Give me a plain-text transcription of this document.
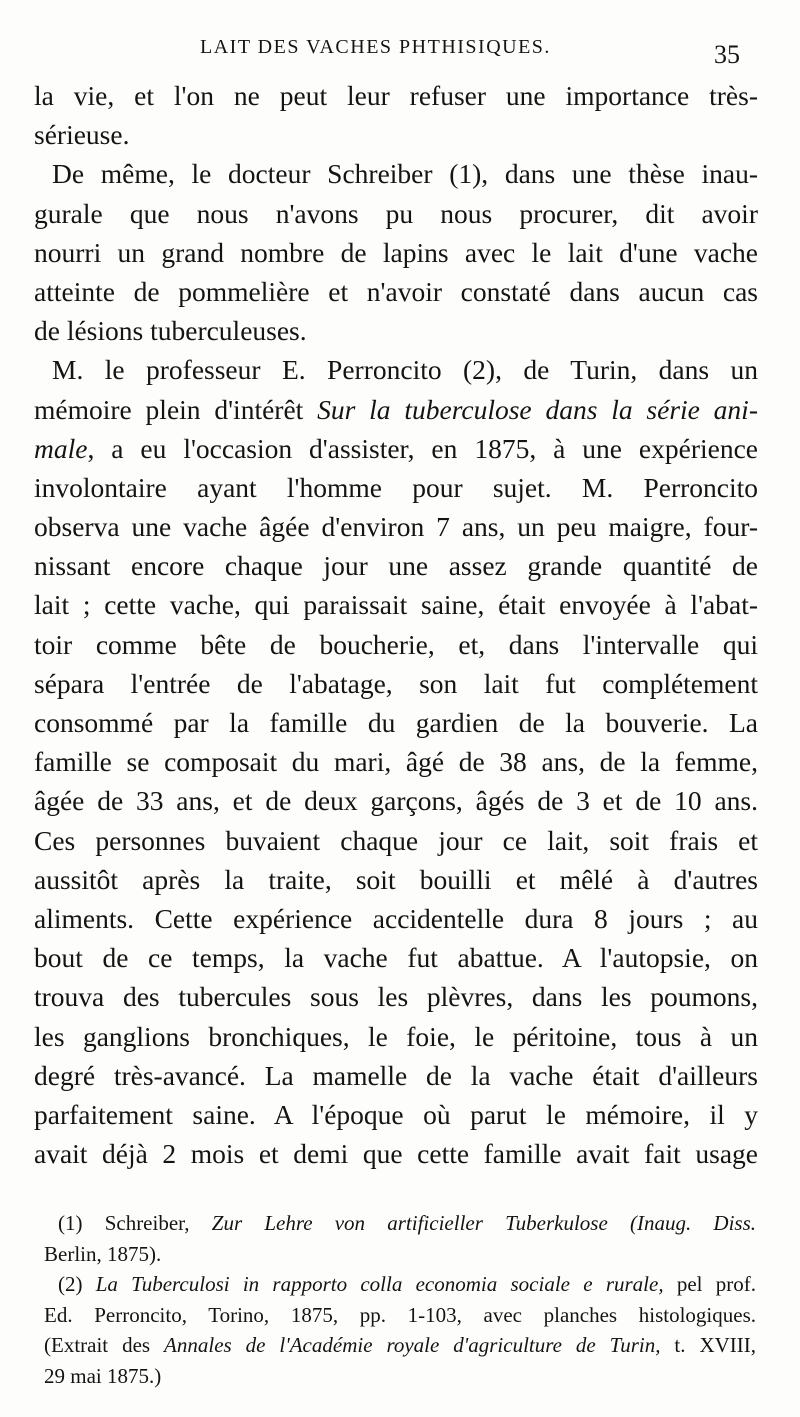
LAIT DES VACHES PHTHISIQUES.	35
la vie, et l'on ne peut leur refuser une importance très-
sérieuse.
De même, le docteur Schreiber (1), dans une thèse inau-
gurale que nous n'avons pu nous procurer, dit avoir
nourri un grand nombre de lapins avec le lait d'une vache
atteinte de pommelière et n'avoir constaté dans aucun cas
de lésions tuberculeuses.
M. le professeur E. Perroncito (2), de Turin, dans un
mémoire plein d'intérêt Sur la tuberculose dans la série ani-
male, a eu l'occasion d'assister, en 1875, à une expérience
involontaire ayant l'homme pour sujet. M. Perroncito
observa une vache âgée d'environ 7 ans, un peu maigre, four-
nissant encore chaque jour une assez grande quantité de
lait ; cette vache, qui paraissait saine, était envoyée à l'abat-
toir comme bête de boucherie, et, dans l'intervalle qui
sépara l'entrée de l'abatage, son lait fut complétement
consommé par la famille du gardien de la bouverie. La
famille se composait du mari, âgé de 38 ans, de la femme,
âgée de 33 ans, et de deux garçons, âgés de 3 et de 10 ans.
Ces personnes buvaient chaque jour ce lait, soit frais et
aussitôt après la traite, soit bouilli et mêlé à d'autres
aliments. Cette expérience accidentelle dura 8 jours ; au
bout de ce temps, la vache fut abattue. A l'autopsie, on
trouva des tubercules sous les plèvres, dans les poumons,
les ganglions bronchiques, le foie, le péritoine, tous à un
degré très-avancé. La mamelle de la vache était d'ailleurs
parfaitement saine. A l'époque où parut le mémoire, il y
avait déjà 2 mois et demi que cette famille avait fait usage
(1) Schreiber, Zur Lehre von artificieller Tuberkulose (Inaug. Diss.
Berlin, 1875).
(2) La Tuberculosi in rapporto colla economia sociale e rurale, pel prof.
Ed. Perroncito, Torino, 1875, pp. 1-103, avec planches histologiques.
(Extrait des Annales de l'Académie royale d'agriculture de Turin, t. XVIII,
29 mai 1875.)
